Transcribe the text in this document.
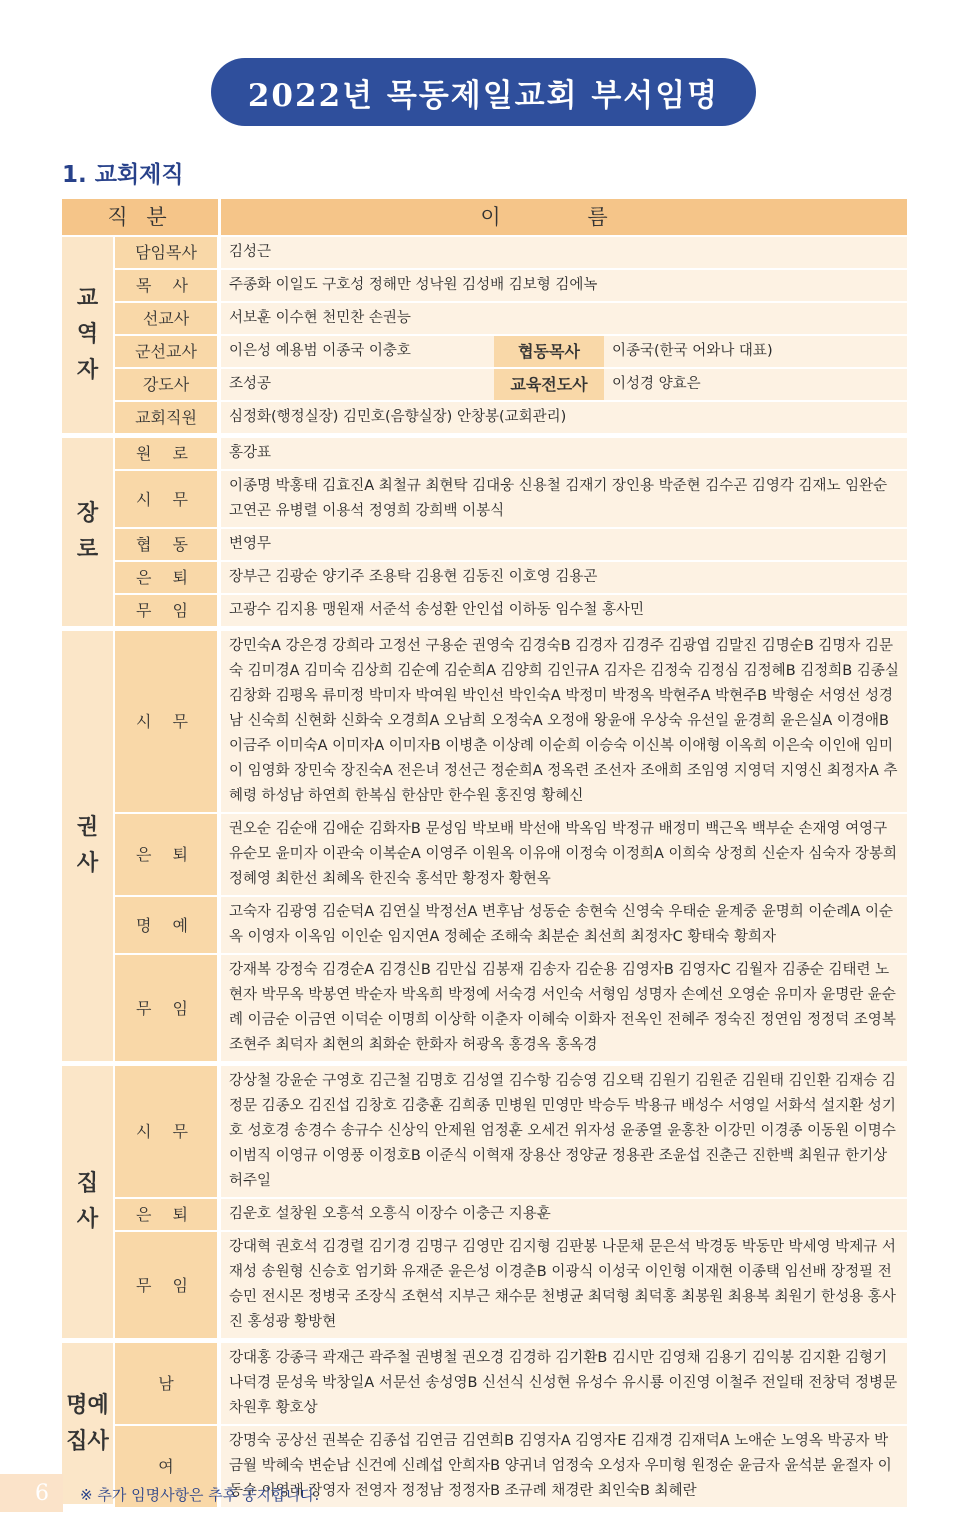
2022년 목동제일교회 부서임명
1. 교회제직
직 분		이 름		
교
역
자	담임목사	김성근		
	목 사	주종화 이일도 구호성 정해만 성낙원 김성배 김보형 김에녹		
	선교사	서보훈 이수현 천민찬 손권능		
	군선교사	이은성 예용범 이종국 이충호	협동목사	이종국(한국 어와나 대표)
	강도사	조성공	교육전도사	이성경 양효은
	교회직원	심정화(행정실장) 김민호(음향실장) 안창봉(교회관리)		
장
로	원 로	홍강표		
	시 무	이종명 박홍태 김효진A 최철규 최현탁 김대웅 신용철 김재기 장인용 박준현 김수곤 김영각 김재노 임완순 고연곤 유병렬 이용석 정영희 강희백 이봉식		
	협 동	변영무		
	은 퇴	장부근 김광순 양기주 조용탁 김용현 김동진 이호영 김용곤		
	무 임	고광수 김지용 맹원재 서준석 송성환 안인섭 이하동 임수철 홍사민		
권
사	시 무	강민숙A 강은경 강희라 고정선 구용순 권영숙 김경숙B 김경자 김경주 김광엽 김말진 김명순B 김명자 김문숙 김미경A 김미숙 김상희 김순예 김순희A 김양희 김인규A 김자은 김정숙 김정심 김정혜B 김정희B 김종실 김창화 김평옥 류미정 박미자 박여원 박인선 박인숙A 박정미 박정옥 박현주A 박현주B 박형순 서영선 성경남 신숙희 신현화 신화숙 오경희A 오남희 오정숙A 오정애 왕윤애 우상숙 유선일 윤경희 윤은실A 이경애B 이금주 이미숙A 이미자A 이미자B 이병춘 이상례 이순희 이승숙 이신복 이애형 이옥희 이은숙 이인애 임미이 임영화 장민숙 장진숙A 전은녀 정선근 정순희A 정옥련 조선자 조애희 조임영 지영덕 지영신 최정자A 추혜령 하성남 하연희 한복심 한삼만 한수원 홍진영 황혜신		
	은 퇴	권오순 김순애 김애순 김화자B 문성임 박보배 박선애 박옥임 박정규 배정미 백근옥 백부순 손재영 여영구 유순모 윤미자 이관숙 이복순A 이영주 이원옥 이유애 이정숙 이정희A 이희숙 상정희 신순자 심숙자 장봉희 정혜영 최한선 최혜옥 한진숙 홍석만 황정자 황현옥		
	명 예	고숙자 김광영 김순덕A 김연실 박정선A 변후남 성동순 송현숙 신영숙 우태순 윤계중 윤명희 이순례A 이순옥 이영자 이옥임 이인순 임지연A 정혜순 조해숙 최분순 최선희 최정자C 황태숙 황희자		
	무 임	강재복 강정숙 김경순A 김경신B 김만십 김봉재 김송자 김순용 김영자B 김영자C 김월자 김종순 김태련 노현자 박무옥 박봉연 박순자 박옥희 박정예 서숙경 서인숙 서형임 성명자 손예선 오영순 유미자 윤명란 윤순례 이금순 이금연 이덕순 이명희 이상학 이춘자 이혜숙 이화자 전옥인 전혜주 정숙진 정연임 정정덕 조영복 조현주 최덕자 최현의 최화순 한화자 허광옥 홍경옥 홍옥경		
집
사	시 무	강상철 강윤순 구영호 김근철 김명호 김성열 김수항 김승영 김오택 김원기 김원준 김원태 김인환 김재승 김정문 김종오 김진섭 김창호 김충훈 김희종 민병원 민영만 박승두 박용규 배성수 서영일 서화석 설지환 성기호 성호경 송경수 송규수 신상익 안제원 엄정훈 오세건 위자성 윤종열 윤홍찬 이강민 이경종 이동원 이명수 이범직 이영규 이영풍 이정호B 이준식 이혁재 장용산 정양균 정용관 조윤섭 진춘근 진한백 최원규 한기상 허주일		
	은 퇴	김운호 설창원 오흥석 오흥식 이장수 이충근 지용훈		
	무 임	강대혁 권호석 김경렬 김기경 김명구 김영만 김지형 김판봉 나문채 문은석 박경동 박동만 박세영 박제규 서재성 송원형 신승호 엄기화 유재준 윤은성 이경춘B 이광식 이성국 이인형 이재현 이종택 임선배 장정필 전승민 전시몬 정병국 조장식 조현석 지부근 채수문 천병균 최덕형 최덕홍 최봉원 최용복 최원기 한성용 홍사진 홍성광 황방현		
명예
집사	남	강대홍 강종극 곽재근 곽주철 권병철 권오경 김경하 김기환B 김시만 김영채 김용기 김익봉 김지환 김형기 나덕경 문성욱 박창일A 서문선 송성영B 신선식 신성현 유성수 유시룡 이진영 이철주 전일태 전창덕 정병문 차원후 황호상		
	여	강명숙 공상선 권복순 김종섭 김연금 김연희B 김영자A 김영자E 김재경 김재덕A 노애순 노영옥 박공자 박금월 박혜숙 변순남 신건예 신례섭 안희자B 양귀녀 엄정숙 오성자 우미형 원정순 윤금자 윤석분 윤절자 이동수 이영래 장영자 전영자 정정남 정정자B 조규례 채경란 최인숙B 최혜란		
6	※ 추가 임명사항은 추후 공지합니다.
